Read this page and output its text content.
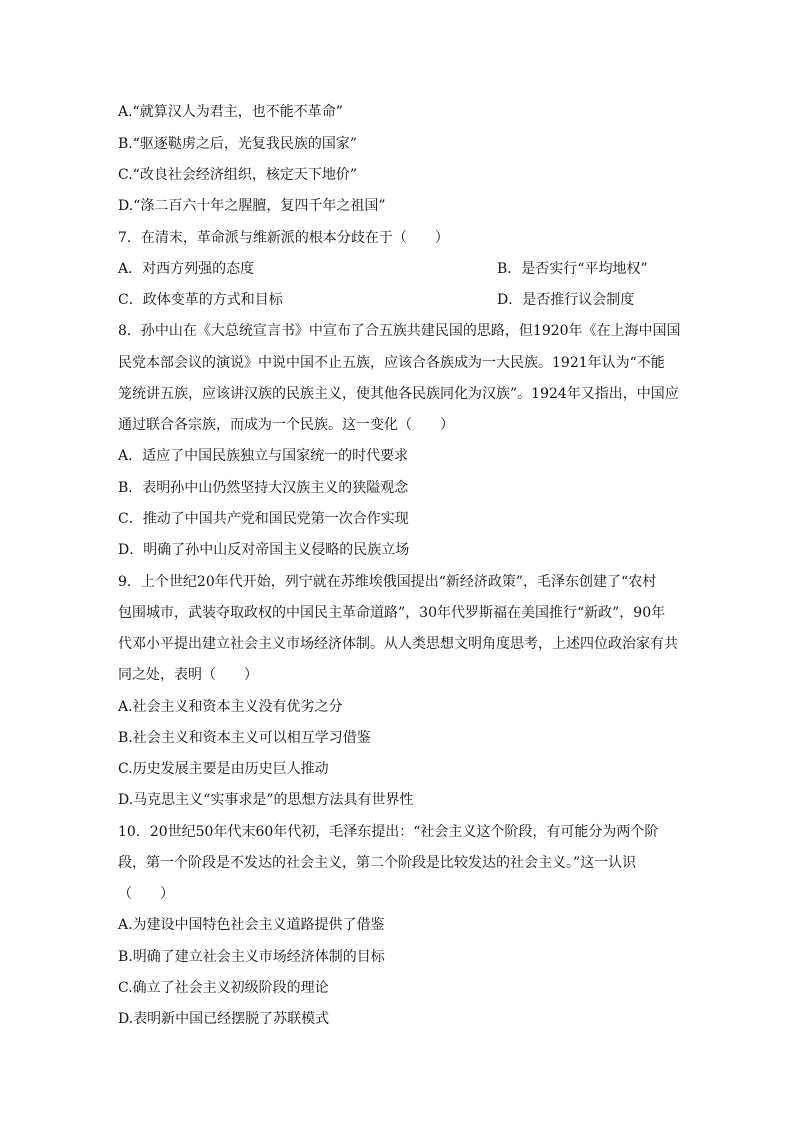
A.“就算汉人为君主，也不能不革命”
B.“驱逐鞑虏之后，光复我民族的国家”
C.“改良社会经济组织，核定天下地价”
D.“涤二百六十年之腥膻，复四千年之祖国”
7．在清末，革命派与维新派的根本分歧在于（　　）
A．对西方列强的态度	B．是否实行“平均地权”
C．政体变革的方式和目标	D．是否推行议会制度
8．孙中山在《大总统宣言书》中宣布了合五族共建民国的思路，但1920年《在上海中国国
民党本部会议的演说》中说中国不止五族，应该合各族成为一大民族。1921年认为“不能
笼统讲五族，应该讲汉族的民族主义，使其他各民族同化为汉族”。1924年又指出，中国应
通过联合各宗族，而成为一个民族。这一变化（　　）
A．适应了中国民族独立与国家统一的时代要求
B．表明孙中山仍然坚持大汉族主义的狭隘观念
C．推动了中国共产党和国民党第一次合作实现
D．明确了孙中山反对帝国主义侵略的民族立场
9．上个世纪20年代开始，列宁就在苏维埃俄国提出“新经济政策”，毛泽东创建了“农村
包围城市，武装夺取政权的中国民主革命道路”，30年代罗斯福在美国推行“新政”，90年
代邓小平提出建立社会主义市场经济体制。从人类思想文明角度思考，上述四位政治家有共
同之处，表明（　　）
A.社会主义和资本主义没有优劣之分
B.社会主义和资本主义可以相互学习借鉴
C.历史发展主要是由历史巨人推动
D.马克思主义“实事求是”的思想方法具有世界性
10．20世纪50年代末60年代初，毛泽东提出：“社会主义这个阶段，有可能分为两个阶
段，第一个阶段是不发达的社会主义，第二个阶段是比较发达的社会主义。”这一认识
（　　）
A.为建设中国特色社会主义道路提供了借鉴
B.明确了建立社会主义市场经济体制的目标
C.确立了社会主义初级阶段的理论
D.表明新中国已经摆脱了苏联模式
